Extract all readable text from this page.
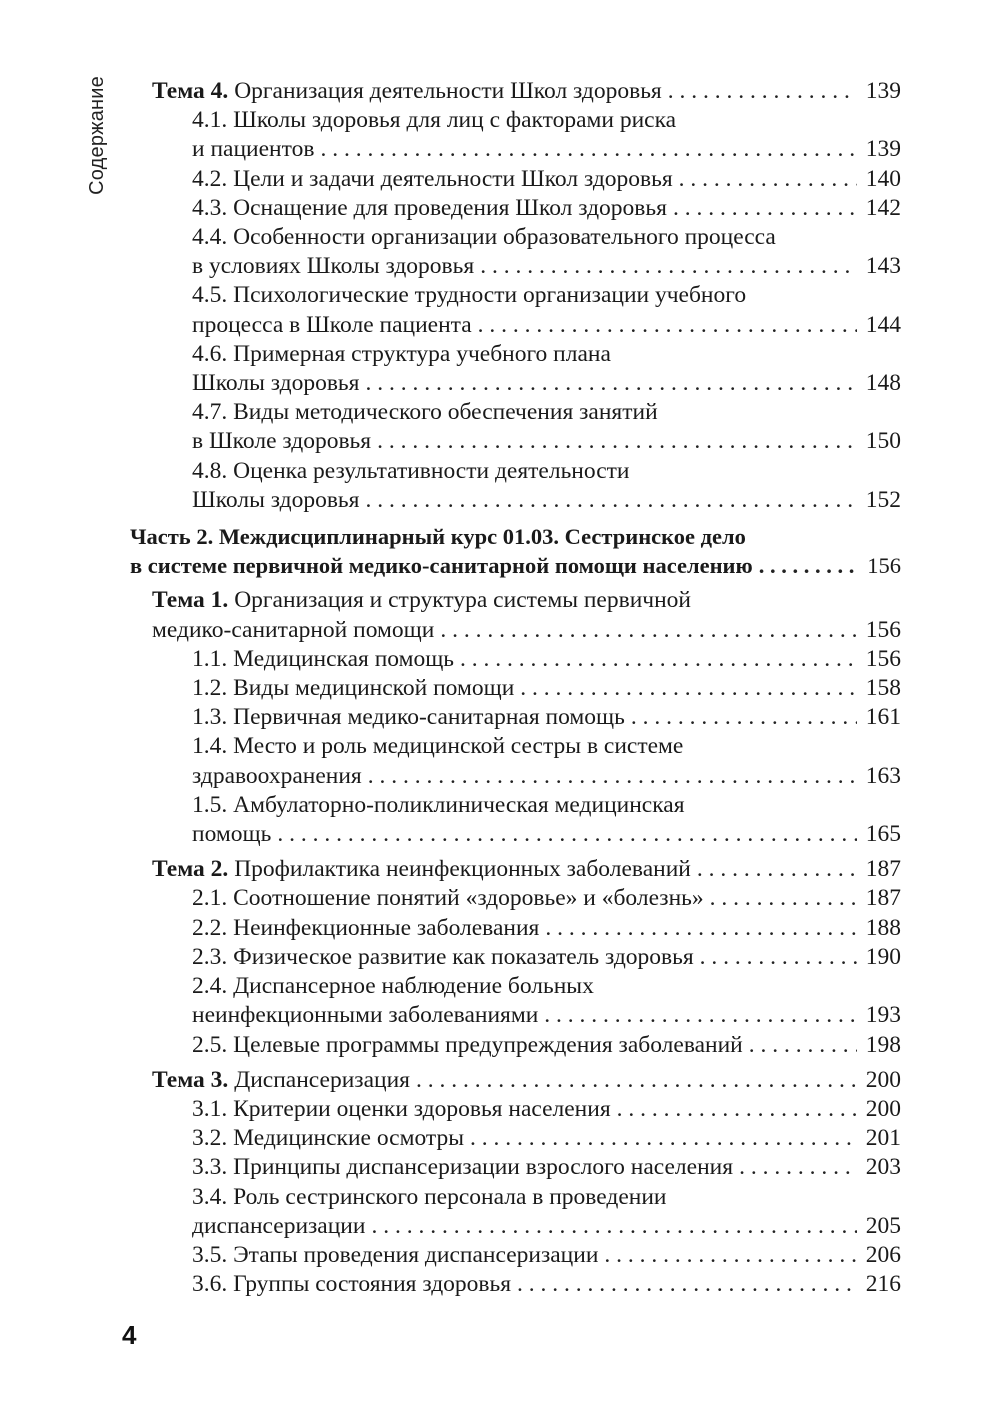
Содержание Тема 4. Организация деятельности Школ здоровья . . .	139
4.1. Школы здоровья для лиц с факторами риска
и пациентов . . .	139
4.2. Цели и задачи деятельности Школ здоровья . . .	140
4.3. Оснащение для проведения Школ здоровья . . .	142
4.4. Особенности организации образовательного процесса
в условиях Школы здоровья . . .	143
4.5. Психологические трудности организации учебного
процесса в Школе пациента . . .	144
4.6. Примерная структура учебного плана
Школы здоровья . . .	148
4.7. Виды методического обеспечения занятий
в Школе здоровья . . .	150
4.8. Оценка результативности деятельности
Школы здоровья . . .	152
Часть 2. Междисциплинарный курс 01.03. Сестринское дело
в системе первичной медико-санитарной помощи населению . . .	156
Тема 1. Организация и структура системы первичной
медико-санитарной помощи . . .	156
1.1. Медицинская помощь . . .	156
1.2. Виды медицинской помощи . . .	158
1.3. Первичная медико-санитарная помощь . . .	161
1.4. Место и роль медицинской сестры в системе
здравоохранения . . .	163
1.5. Амбулаторно-поликлиническая медицинская
помощь . . .	165
Тема 2. Профилактика неинфекционных заболеваний . . .	187
2.1. Соотношение понятий «здоровье» и «болезнь» . . .	187
2.2. Неинфекционные заболевания . . .	188
2.3. Физическое развитие как показатель здоровья . . .	190
2.4. Диспансерное наблюдение больных
неинфекционными заболеваниями . . .	193
2.5. Целевые программы предупреждения заболеваний . . .	198
Тема 3. Диспансеризация . . .	200
3.1. Критерии оценки здоровья населения . . .	200
3.2. Медицинские осмотры . . .	201
3.3. Принципы диспансеризации взрослого населения . . .	203
3.4. Роль сестринского персонала в проведении
диспансеризации . . .	205
3.5. Этапы проведения диспансеризации . . .	206
3.6. Группы состояния здоровья . . .	216
4
